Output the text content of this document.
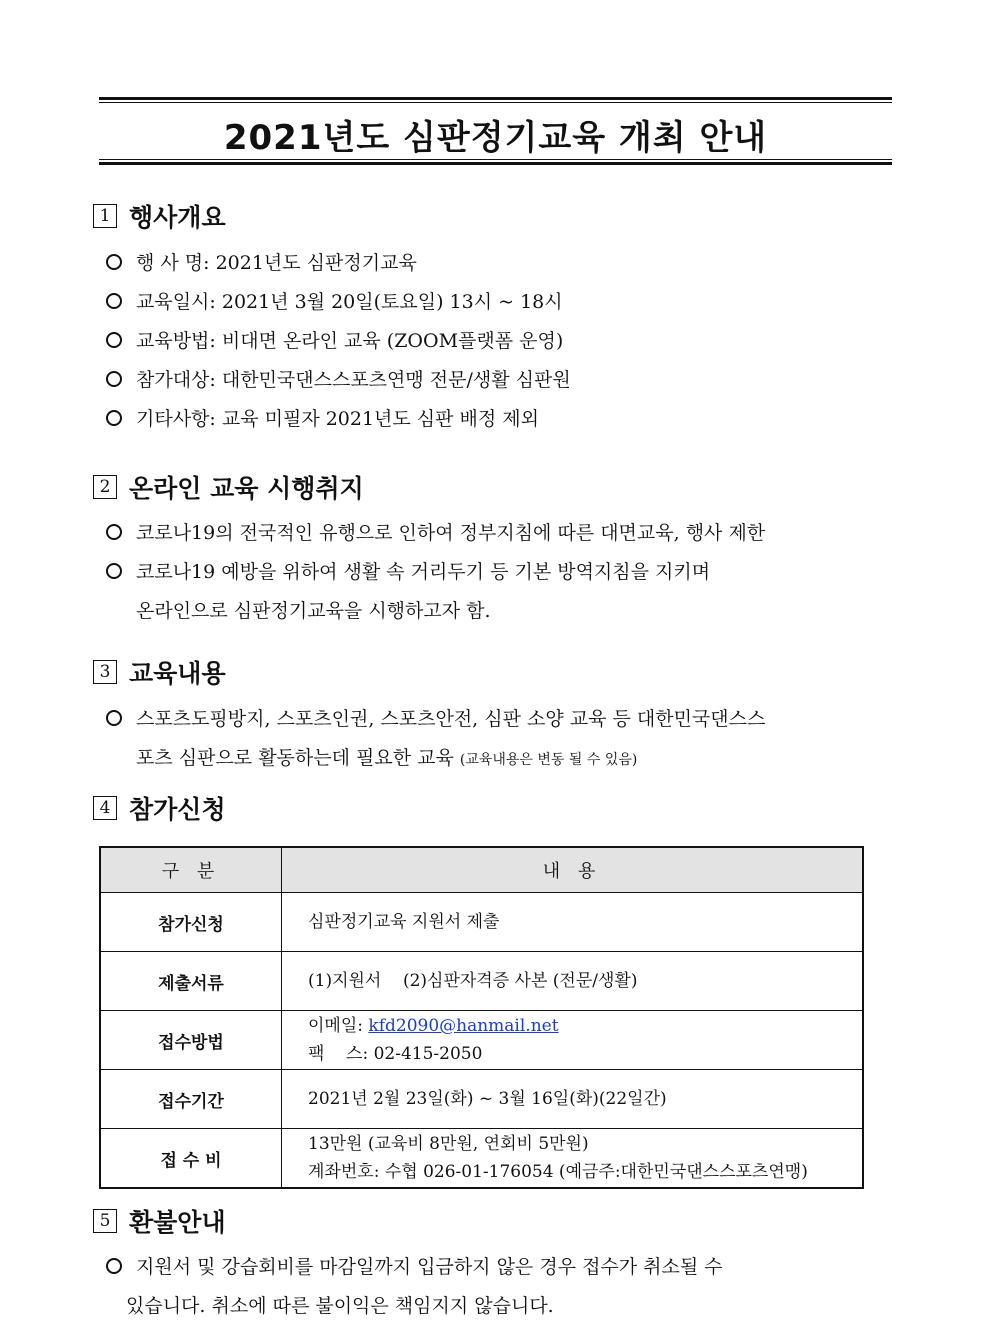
2021년도 심판정기교육 개최 안내
1 행사개요
행 사 명: 2021년도 심판정기교육
교육일시: 2021년 3월 20일(토요일) 13시 ~ 18시
교육방법: 비대면 온라인 교육 (ZOOM플랫폼 운영)
참가대상: 대한민국댄스스포츠연맹 전문/생활 심판원
기타사항: 교육 미필자 2021년도 심판 배정 제외
2 온라인 교육 시행취지
코로나19의 전국적인 유행으로 인하여 정부지침에 따른 대면교육, 행사 제한
코로나19 예방을 위하여 생활 속 거리두기 등 기본 방역지침을 지키며
온라인으로 심판정기교육을 시행하고자 함.
3 교육내용
스포츠도핑방지, 스포츠인권, 스포츠안전, 심판 소양 교육 등 대한민국댄스스
포츠 심판으로 활동하는데 필요한 교육 (교육내용은 변동 될 수 있음)
4 참가신청
구 분	내 용
참가신청	심판정기교육 지원서 제출
제출서류	(1)지원서    (2)심판자격증 사본 (전문/생활)
접수방법	이메일: kfd2090@hanmail.net
팩    스: 02-415-2050

접수기간	2021년 2월 23일(화) ~ 3월 16일(화)(22일간)
접 수 비	13만원 (교육비 8만원, 연회비 5만원)
계좌번호: 수협 026-01-176054 (예금주:대한민국댄스스포츠연맹)
5 환불안내
지원서 및 강습회비를 마감일까지 입금하지 않은 경우 접수가 취소될 수
있습니다. 취소에 따른 불이익은 책임지지 않습니다.
